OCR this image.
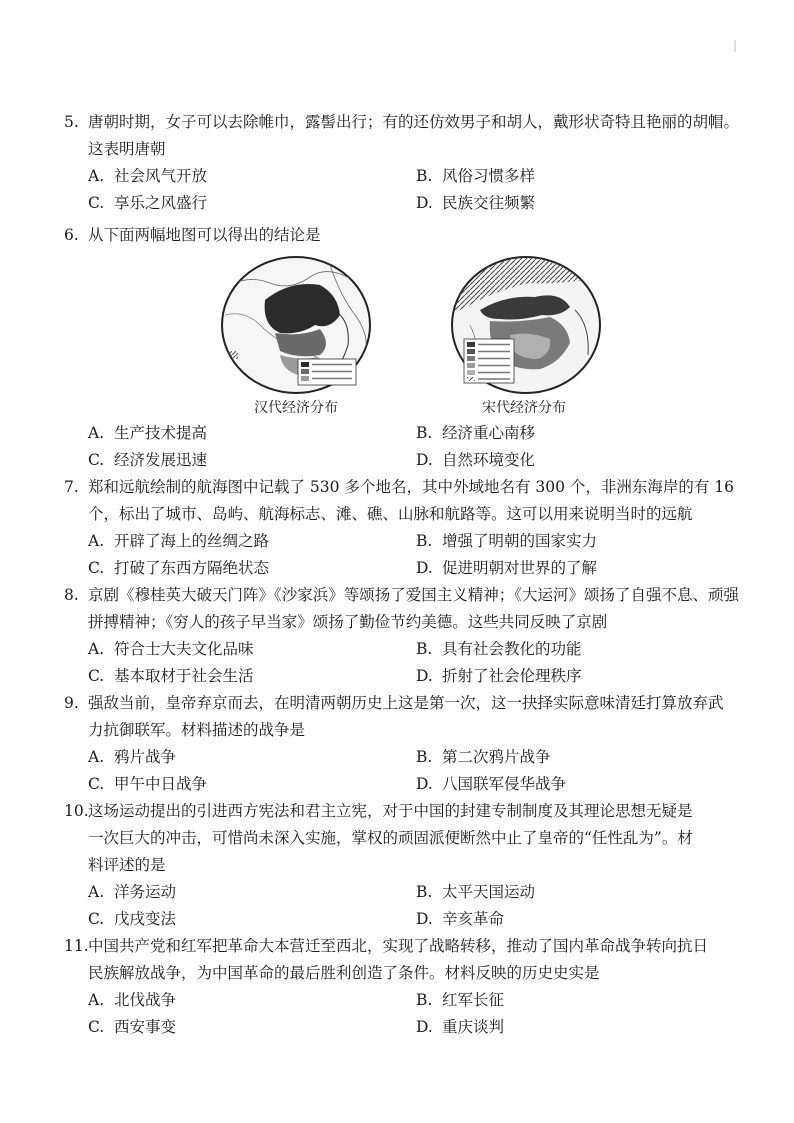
5. 唐朝时期，女子可以去除帷巾，露髻出行；有的还仿效男子和胡人，戴形状奇特且艳丽的胡帽。
这表明唐朝
A. 社会风气开放	B. 风俗习惯多样
C. 享乐之风盛行	D. 民族交往频繁
6. 从下面两幅地图可以得出的结论是
汉代经济分布	宋代经济分布
A. 生产技术提高	B. 经济重心南移
C. 经济发展迅速	D. 自然环境变化
7. 郑和远航绘制的航海图中记载了 530 多个地名，其中外域地名有 300 个，非洲东海岸的有 16
个，标出了城市、岛屿、航海标志、滩、礁、山脉和航路等。这可以用来说明当时的远航
A. 开辟了海上的丝绸之路	B. 增强了明朝的国家实力
C. 打破了东西方隔绝状态	D. 促进明朝对世界的了解
8. 京剧《穆桂英大破天门阵》《沙家浜》等颂扬了爱国主义精神；《大运河》颂扬了自强不息、顽强
拼搏精神；《穷人的孩子早当家》颂扬了勤俭节约美德。这些共同反映了京剧
A. 符合士大夫文化品味	B. 具有社会教化的功能
C. 基本取材于社会生活	D. 折射了社会伦理秩序
9. 强敌当前，皇帝弃京而去，在明清两朝历史上这是第一次，这一抉择实际意味清廷打算放弃武
力抗御联军。材料描述的战争是
A. 鸦片战争	B. 第二次鸦片战争
C. 甲午中日战争	D. 八国联军侵华战争
10.这场运动提出的引进西方宪法和君主立宪，对于中国的封建专制制度及其理论思想无疑是
一次巨大的冲击，可惜尚未深入实施，掌权的顽固派便断然中止了皇帝的“任性乱为”。材
料评述的是
A. 洋务运动	B. 太平天国运动
C. 戊戌变法	D. 辛亥革命
11.中国共产党和红军把革命大本营迁至西北，实现了战略转移，推动了国内革命战争转向抗日
民族解放战争，为中国革命的最后胜利创造了条件。材料反映的历史史实是
A. 北伐战争	B. 红军长征
C. 西安事变	D. 重庆谈判
